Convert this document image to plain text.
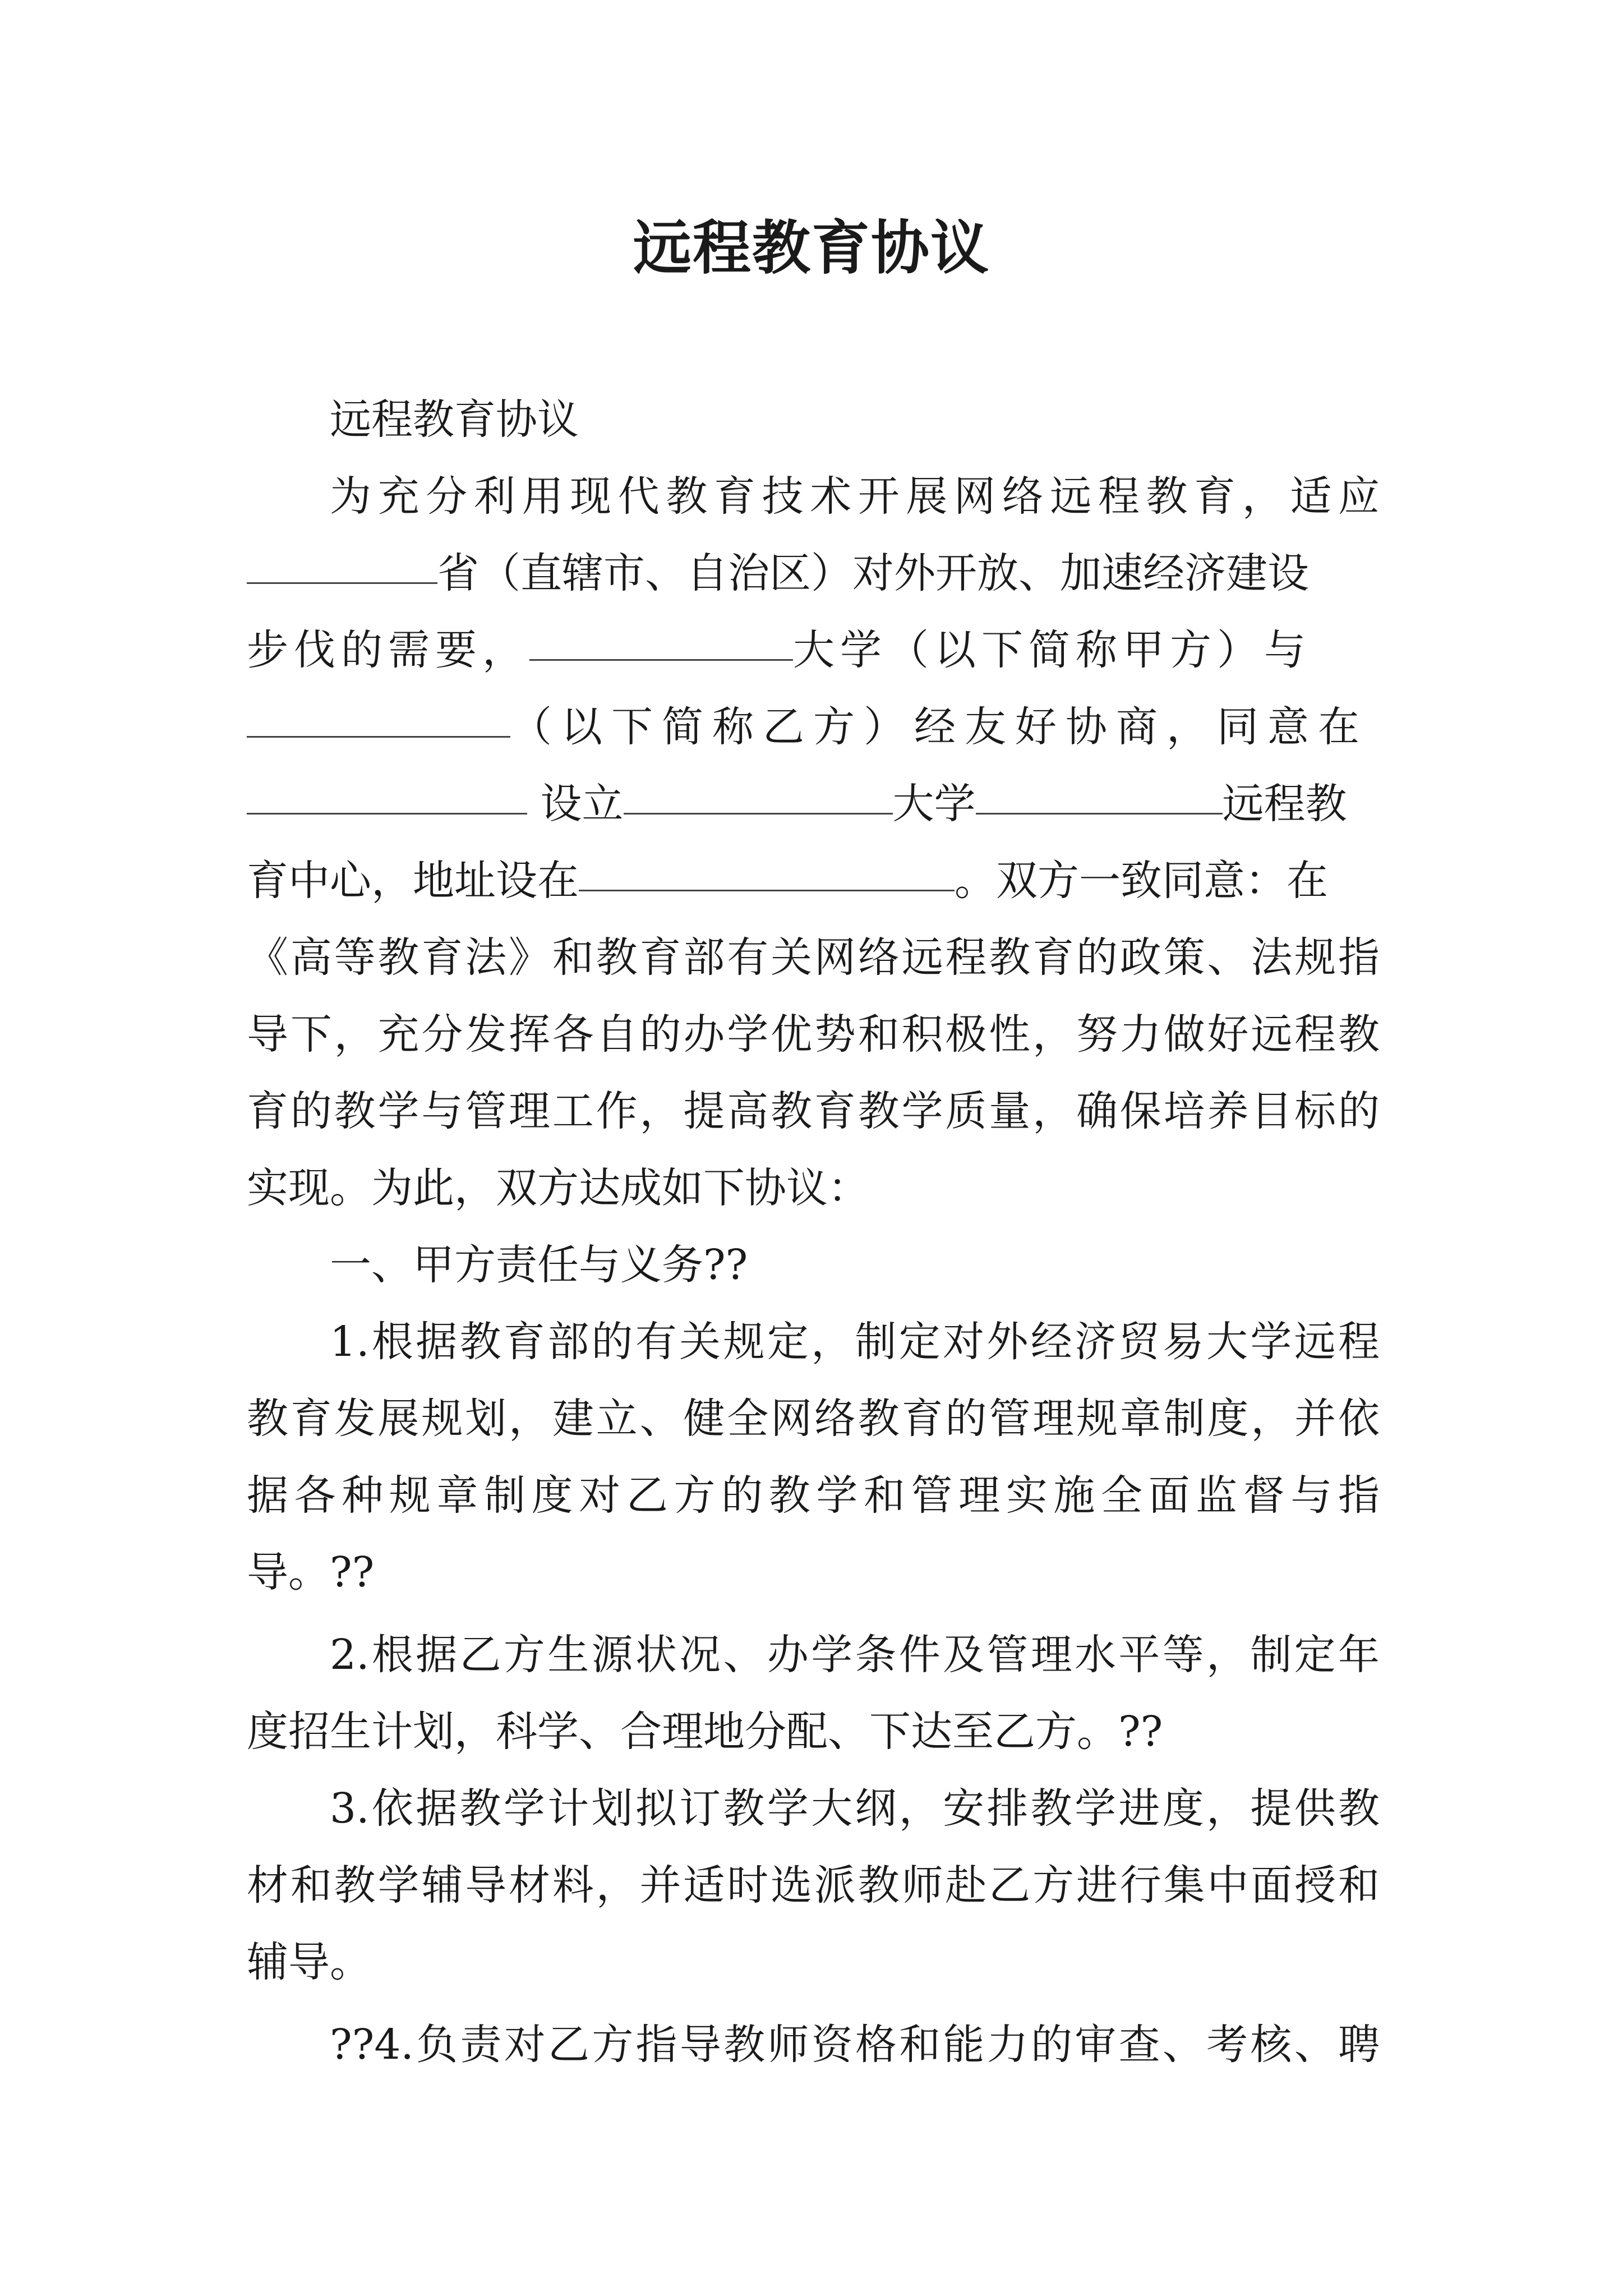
远程教育协议
远程教育协议
为充分利用现代教育技术开展网络远程教育，适应
省（直辖市、自治区）对外开放、加速经济建设
步伐的需要，	大学（以下简称甲方）与
（以下简称乙方）经友好协商，同意在
设立	大学	远程教
育中心，地址设在	。双方一致同意：在
《高等教育法》和教育部有关网络远程教育的政策、法规指
导下，充分发挥各自的办学优势和积极性，努力做好远程教
育的教学与管理工作，提高教育教学质量，确保培养目标的
实现。为此，双方达成如下协议：
一、甲方责任与义务??
1.根据教育部的有关规定，制定对外经济贸易大学远程
教育发展规划，建立、健全网络教育的管理规章制度，并依
据各种规章制度对乙方的教学和管理实施全面监督与指
导。??
2.根据乙方生源状况、办学条件及管理水平等，制定年
度招生计划，科学、合理地分配、下达至乙方。??
3.依据教学计划拟订教学大纲，安排教学进度，提供教
材和教学辅导材料，并适时选派教师赴乙方进行集中面授和
辅导。
??4.负责对乙方指导教师资格和能力的审查、考核、聘
